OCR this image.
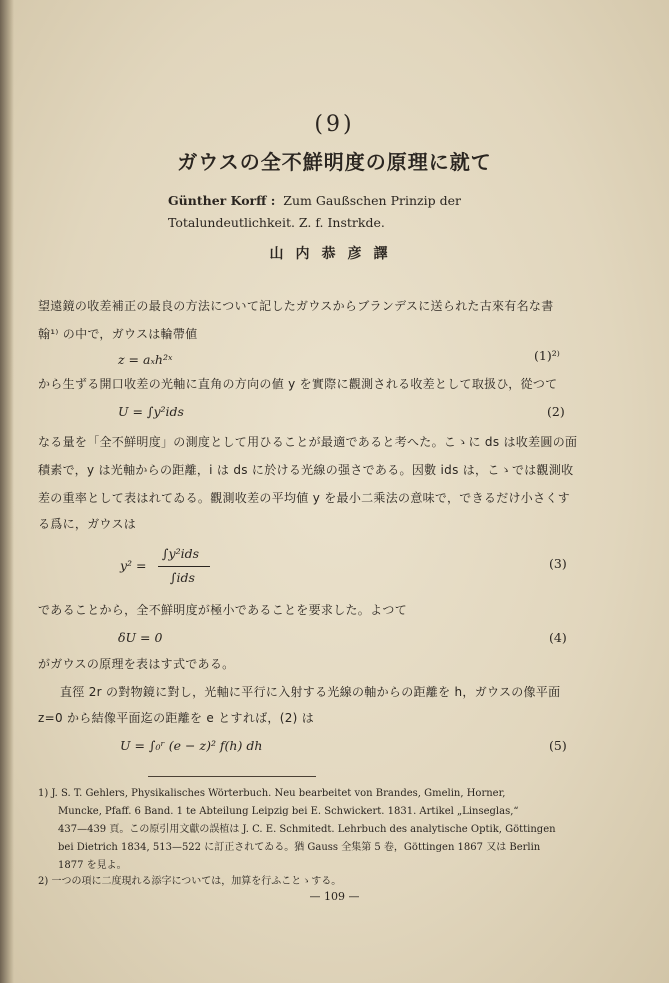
(9)
ガウスの全不鮮明度の原理に就て
Günther Korff : Zum Gaußschen Prinzip der
Totalundeutlichkeit. Z. f. Instrkde.
山内恭彦譯
望遠鏡の收差補正の最良の方法について記したガウスからブランデスに送られた古來有名な書
翰¹⁾ の中で，ガウスは輪帶値
z = aₓh²ˣ	(1)²⁾
から生ずる開口收差の光軸に直角の方向の値 y を實際に觀測される收差として取扱ひ，從つて
U = ∫y²ids	(2)
なる量を「全不鮮明度」の測度として用ひることが最適であると考へた。こゝに ds は收差圓の面
積素で，y は光軸からの距離，i は ds に於ける光線の强さである。因數 ids は，こゝでは觀測收
差の重率として表はれてゐる。觀測收差の平均値 y を最小二乘法の意味で，できるだけ小さくす
る爲に，ガウスは
y² =
∫y²ids
∫ids
(3)
であることから，全不鮮明度が極小であることを要求した。よつて
δU = 0	(4)
がガウスの原理を表はす式である。
直徑 2r の對物鏡に對し，光軸に平行に入射する光線の軸からの距離を h，ガウスの像平面
z=0 から結像平面迄の距離を e とすれば，(2) は
U = ∫₀ʳ (e − z)² f(h) dh	(5)
1) J. S. T. Gehlers, Physikalisches Wörterbuch. Neu bearbeitet von Brandes, Gmelin, Horner,
Muncke, Pfaff. 6 Band. 1 te Abteilung Leipzig bei E. Schwickert. 1831. Artikel „Linseglas,“
437—439 頁。この原引用文獻の誤植は J. C. E. Schmitedt. Lehrbuch des analytische Optik, Göttingen
bei Dietrich 1834, 513—522 に訂正されてゐる。猶 Gauss 全集第 5 卷，Göttingen 1867 又は Berlin
1877 を見よ。
2) 一つの項に二度現れる添字については，加算を行ふことゝする。
— 109 —
